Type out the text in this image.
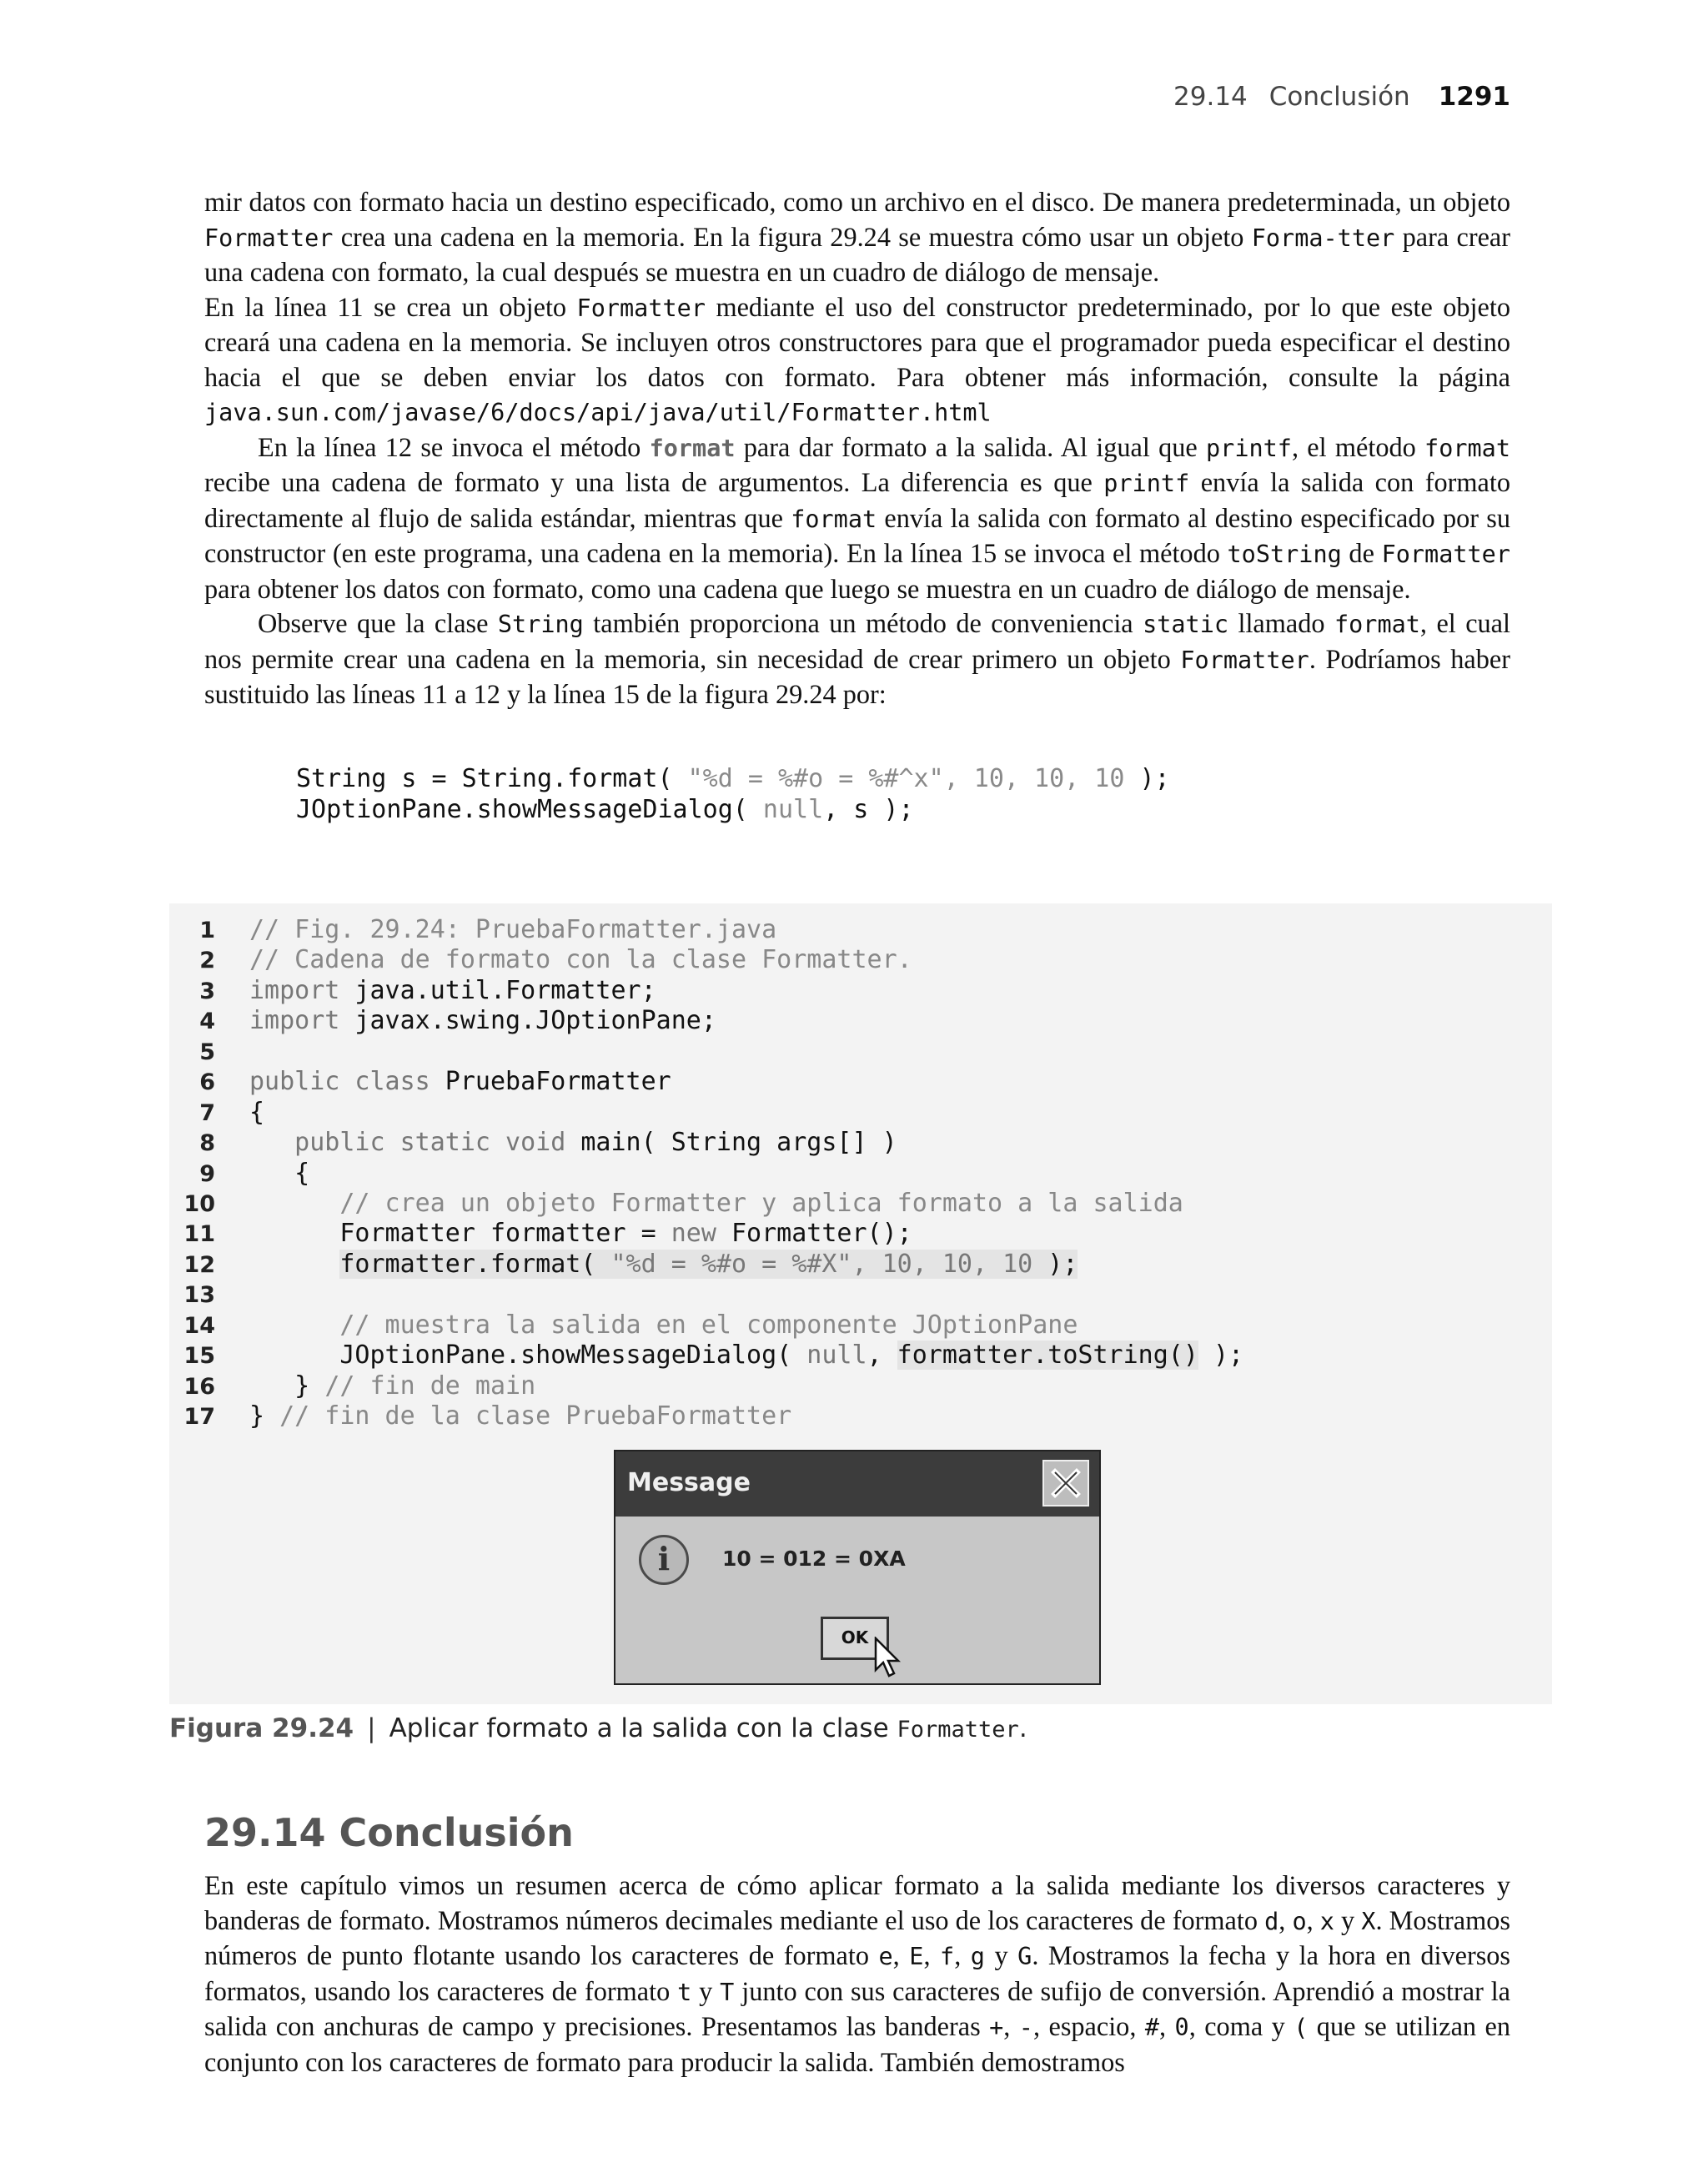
29.14 Conclusión 1291

mir datos con formato hacia un destino especificado, como un archivo en el disco. De manera predeterminada, un objeto Formatter crea una cadena en la memoria. En la figura 29.24 se muestra cómo usar un objeto Forma-tter para crear una cadena con formato, la cual después se muestra en un cuadro de diálogo de mensaje.

En la línea 11 se crea un objeto Formatter mediante el uso del constructor predeterminado, por lo que este objeto creará una cadena en la memoria. Se incluyen otros constructores para que el programador pueda especificar el destino hacia el que se deben enviar los datos con formato. Para obtener más información, consulte la página java.sun.com/javase/6/docs/api/java/util/Formatter.html

En la línea 12 se invoca el método format para dar formato a la salida. Al igual que printf, el método format recibe una cadena de formato y una lista de argumentos. La diferencia es que printf envía la salida con formato directamente al flujo de salida estándar, mientras que format envía la salida con formato al destino especificado por su constructor (en este programa, una cadena en la memoria). En la línea 15 se invoca el método toString de Formatter para obtener los datos con formato, como una cadena que luego se muestra en un cuadro de diálogo de mensaje.

Observe que la clase String también proporciona un método de conveniencia static llamado format, el cual nos permite crear una cadena en la memoria, sin necesidad de crear primero un objeto Formatter. Podríamos haber sustituido las líneas 11 a 12 y la línea 15 de la figura 29.24 por:

String s = String.format( "%d = %#o = %#^x", 10, 10, 10 );
JOptionPane.showMessageDialog( null, s );
1 // Fig. 29.24: PruebaFormatter.java
2 // Cadena de formato con la clase Formatter.
3 import java.util.Formatter;
4 import javax.swing.JOptionPane;
5
6 public class PruebaFormatter
7 {
8 public static void main( String args[] )
9 {
10 // crea un objeto Formatter y aplica formato a la salida
11 Formatter formatter = new Formatter();
12	formatter.format( "%d = %#o = %#X", 10, 10, 10 );
13
14 // muestra la salida en el componente JOptionPane
15 JOptionPane.showMessageDialog( null, formatter.toString() );
16 } // fin de main
17 } // fin de la clase PruebaFormatter
Message
i	10 = 012 = 0XA
OK
Figura 29.24 | Aplicar formato a la salida con la clase Formatter.
29.14 Conclusión

En este capítulo vimos un resumen acerca de cómo aplicar formato a la salida mediante los diversos caracteres y banderas de formato. Mostramos números decimales mediante el uso de los caracteres de formato d, o, x y X. Mostramos números de punto flotante usando los caracteres de formato e, E, f, g y G. Mostramos la fecha y la hora en diversos formatos, usando los caracteres de formato t y T junto con sus caracteres de sufijo de conversión. Aprendió a mostrar la salida con anchuras de campo y precisiones. Presentamos las banderas +, -, espacio, #, 0, coma y ( que se utilizan en conjunto con los caracteres de formato para producir la salida. También demostramos
